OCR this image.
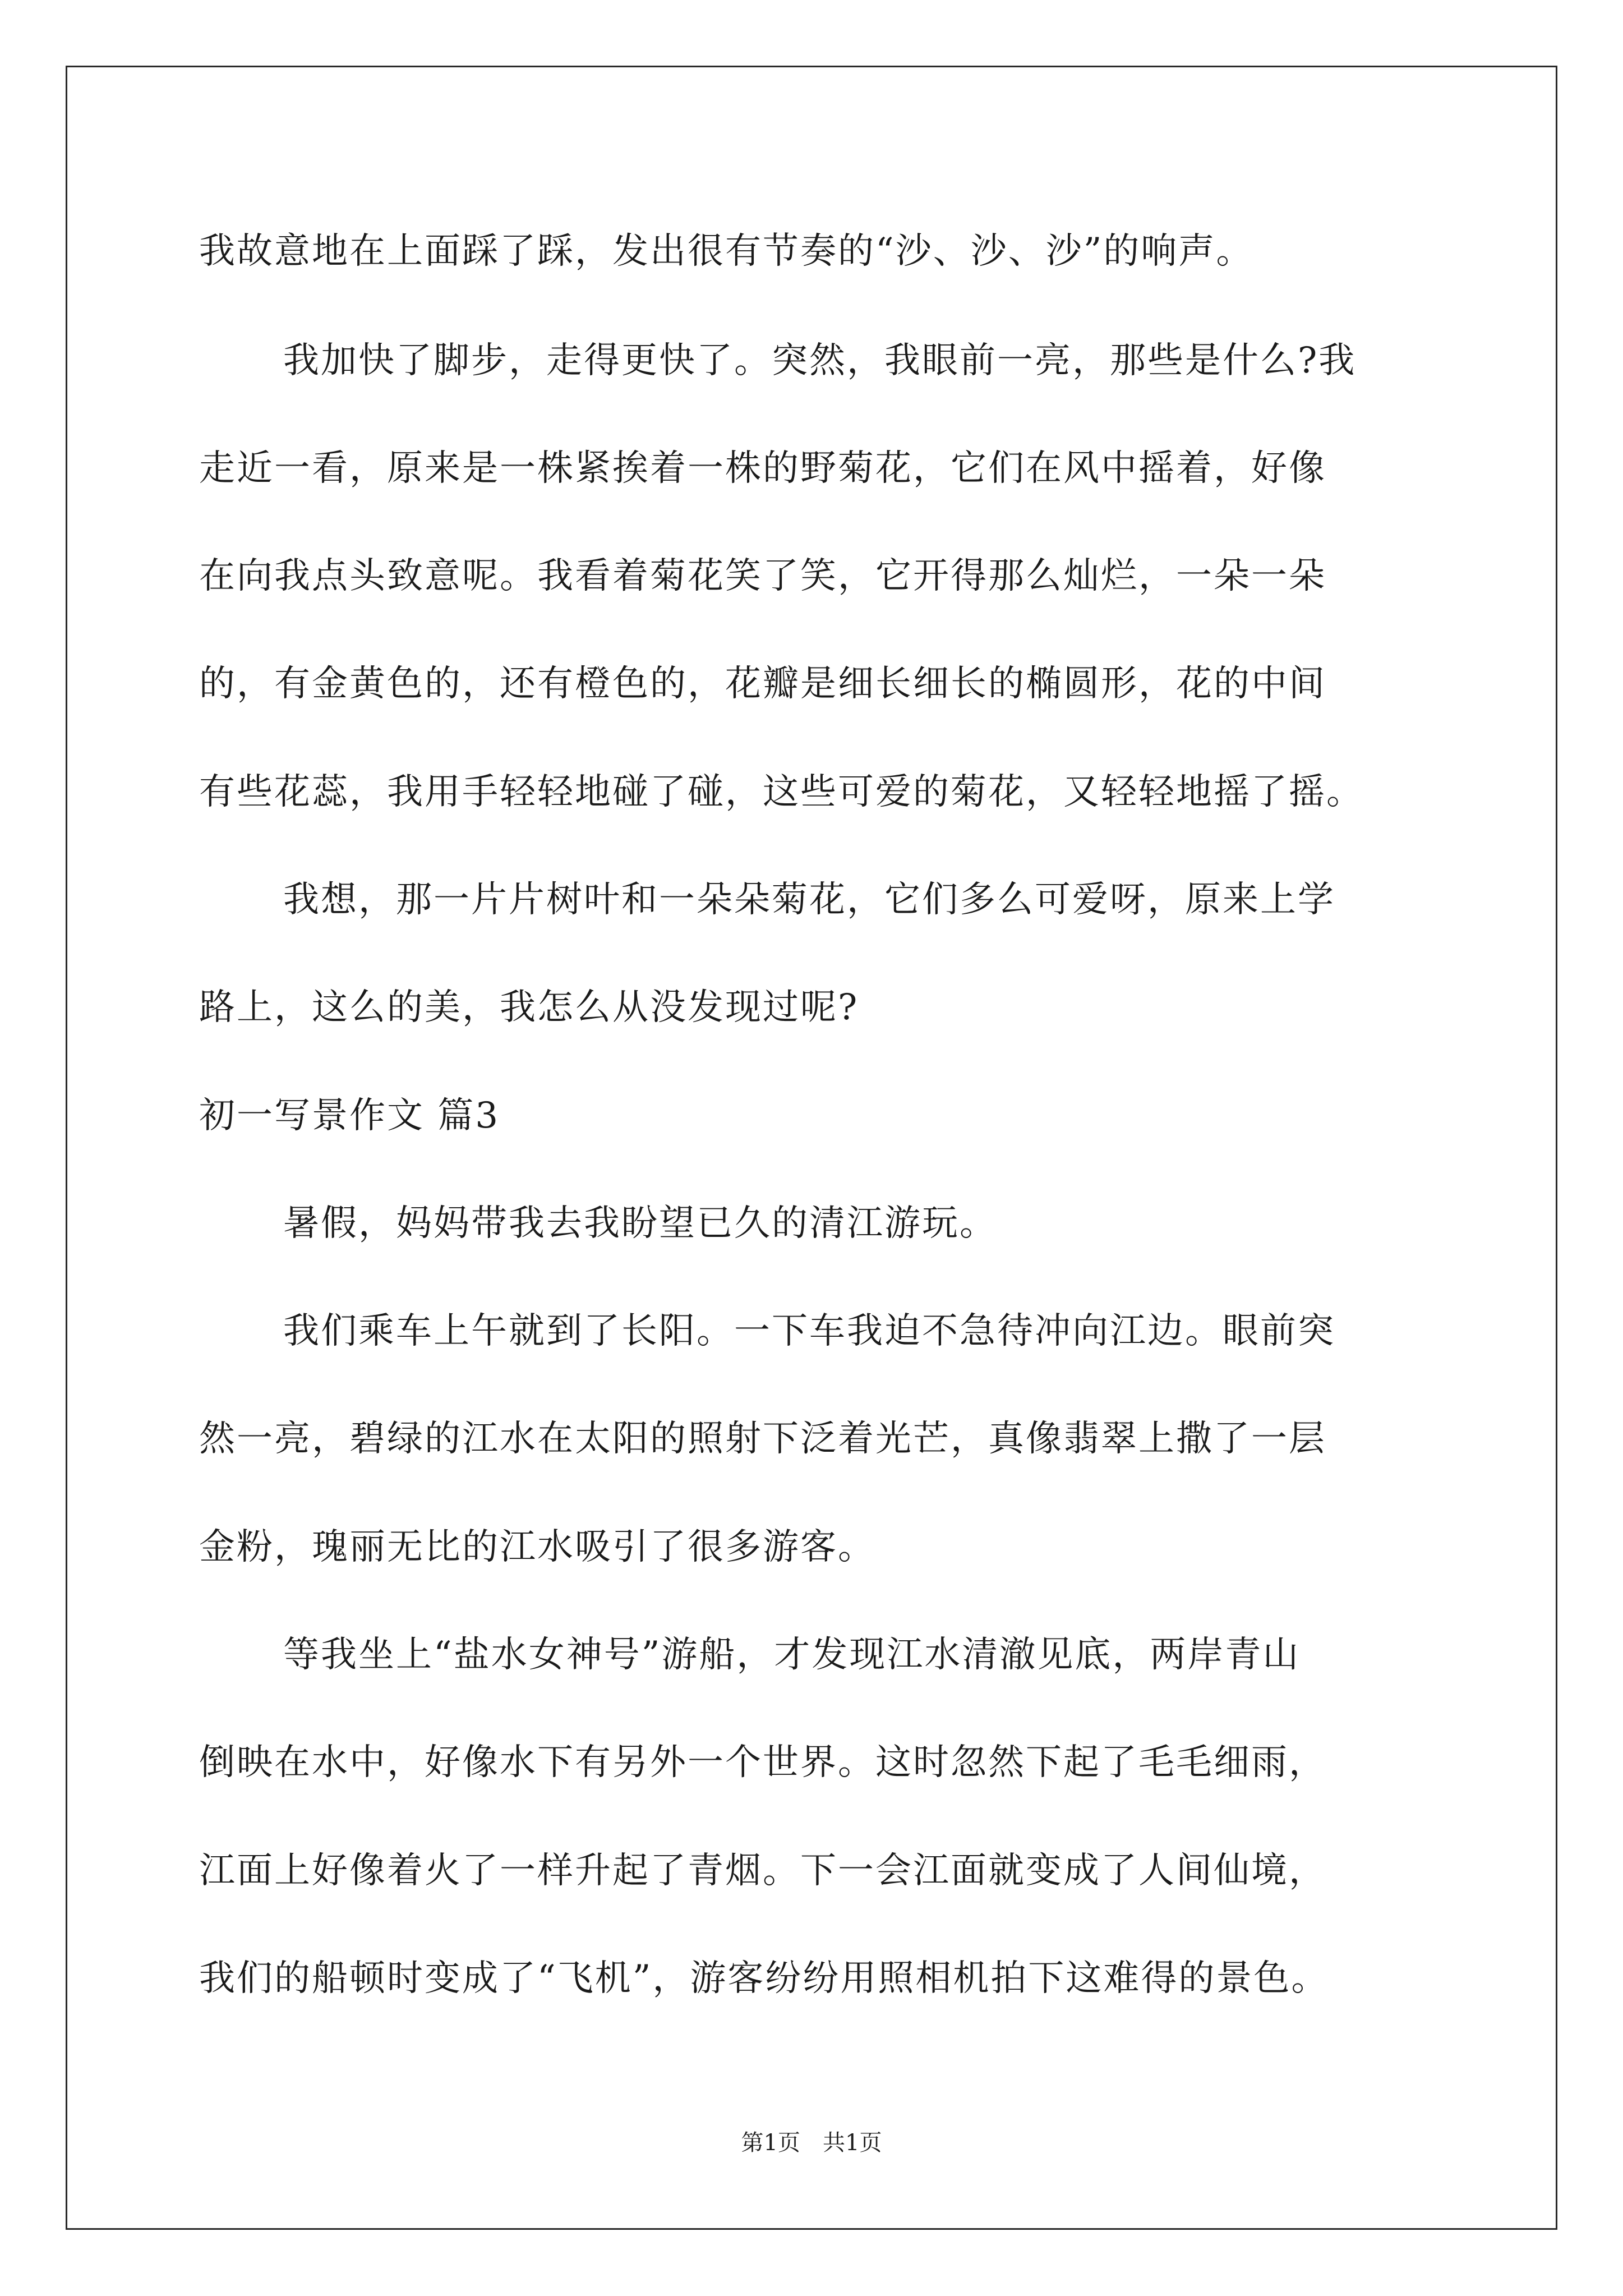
我故意地在上面踩了踩，发出很有节奏的“沙、沙、沙”的响声。
我加快了脚步，走得更快了。突然，我眼前一亮，那些是什么?我
走近一看，原来是一株紧挨着一株的野菊花，它们在风中摇着，好像
在向我点头致意呢。我看着菊花笑了笑，它开得那么灿烂，一朵一朵
的，有金黄色的，还有橙色的，花瓣是细长细长的椭圆形，花的中间
有些花蕊，我用手轻轻地碰了碰，这些可爱的菊花，又轻轻地摇了摇。
我想，那一片片树叶和一朵朵菊花，它们多么可爱呀，原来上学
路上，这么的美，我怎么从没发现过呢?
初一写景作文 篇3
暑假，妈妈带我去我盼望已久的清江游玩。
我们乘车上午就到了长阳。一下车我迫不急待冲向江边。眼前突
然一亮，碧绿的江水在太阳的照射下泛着光芒，真像翡翠上撒了一层
金粉，瑰丽无比的江水吸引了很多游客。
等我坐上“盐水女神号”游船，才发现江水清澈见底，两岸青山
倒映在水中，好像水下有另外一个世界。这时忽然下起了毛毛细雨，
江面上好像着火了一样升起了青烟。下一会江面就变成了人间仙境，
我们的船顿时变成了“飞机”，游客纷纷用照相机拍下这难得的景色。
第1页 共1页
